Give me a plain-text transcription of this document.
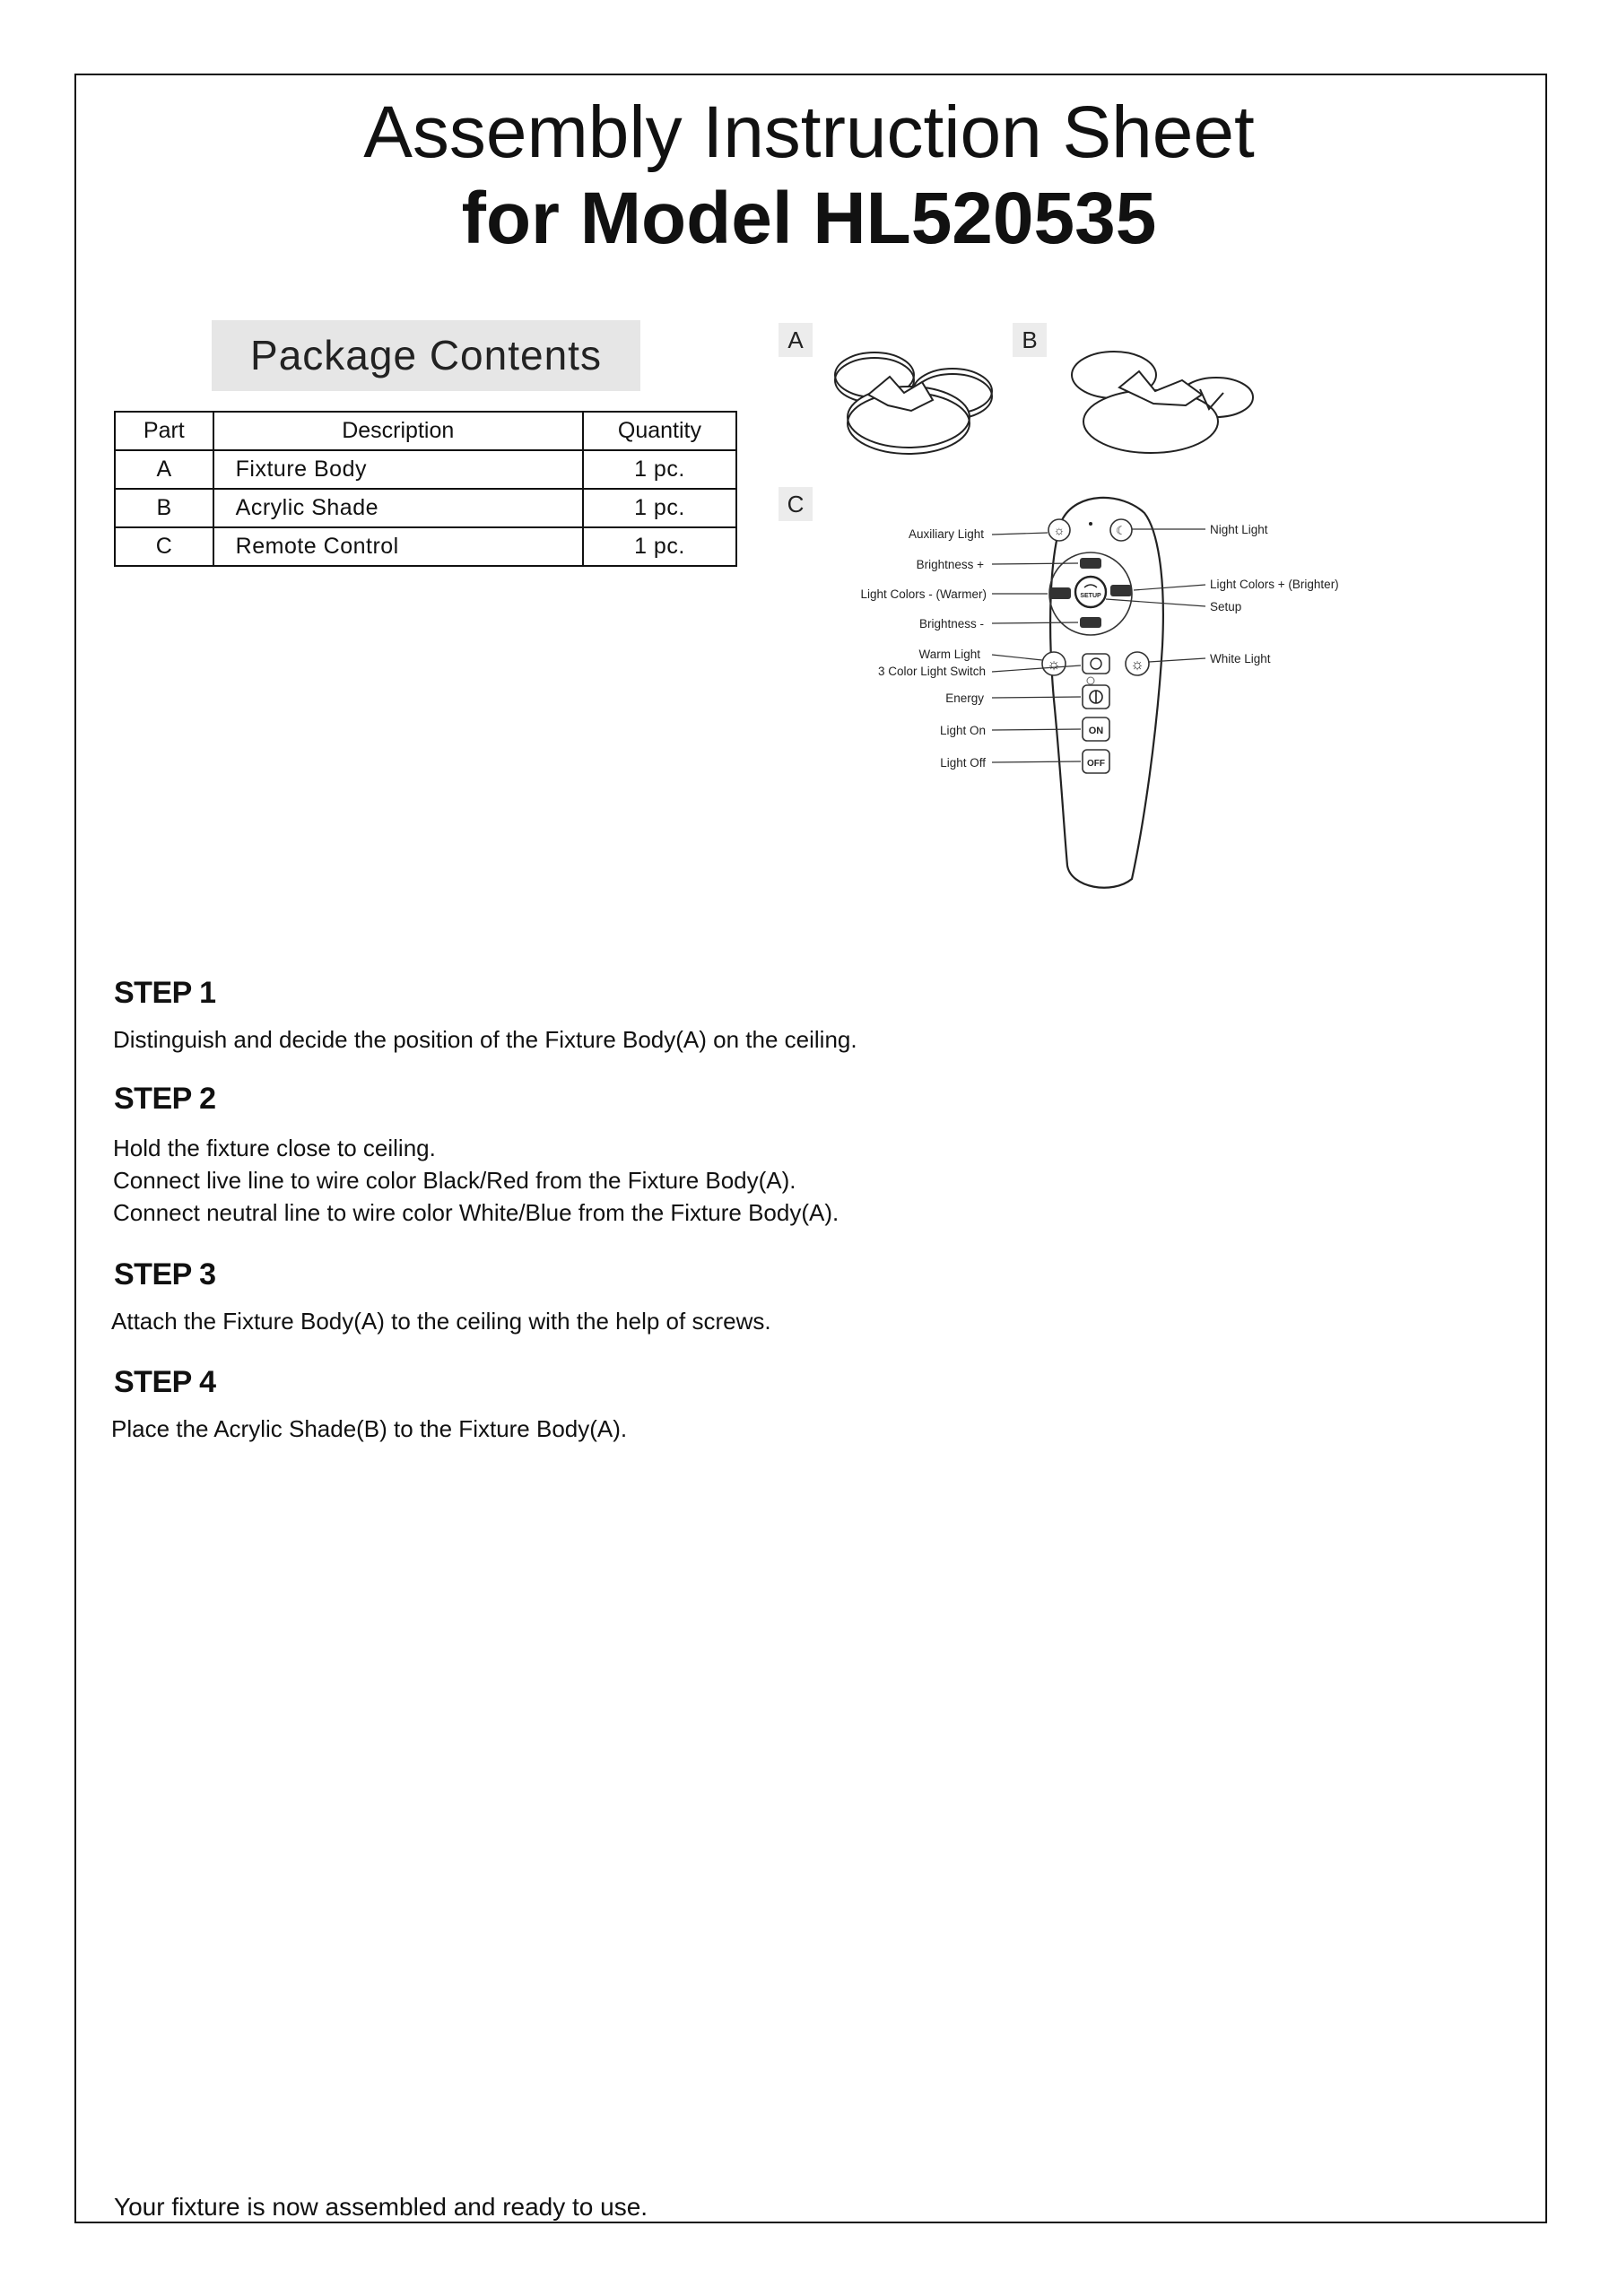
Assembly Instruction Sheet
for Model HL520535
Package Contents
Part	Description	Quantity
A	Fixture Body	1 pc.
B	Acrylic Shade	1 pc.
C	Remote Control	1 pc.
A	B
C
☼	☾
SETUP
☼	☼
ON
OFF
Auxiliary Light
Brightness +
Light Colors - (Warmer)
Brightness -
Warm Light
3 Color Light Switch
Energy
Light On
Light Off
Night Light
Light Colors + (Brighter)
Setup
White Light
STEP 1
Distinguish and decide the position of the Fixture Body(A) on the ceiling.
STEP 2
Hold the fixture close to ceiling.
Connect live line to wire color Black/Red from the Fixture Body(A).
Connect neutral line to wire color White/Blue from the Fixture Body(A).
STEP 3
Attach the Fixture Body(A) to the ceiling with the help of screws.
STEP 4
Place the Acrylic Shade(B) to the Fixture Body(A).
Your fixture is now assembled and ready to use.
